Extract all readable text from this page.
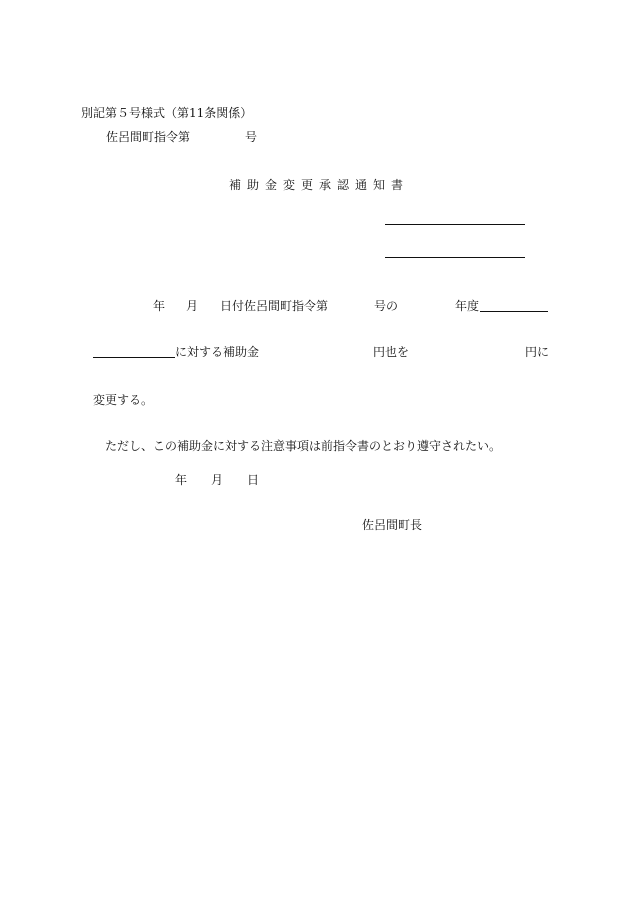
別記第５号様式（第11条関係）
佐呂間町指令第	号
補助金変更承認通知書
年 月 日付佐呂間町指令第	号の	年度
に対する補助金	円也を	円に
変更する。
ただし、この補助金に対する注意事項は前指令書のとおり遵守されたい。
年 月 日
佐呂間町長
